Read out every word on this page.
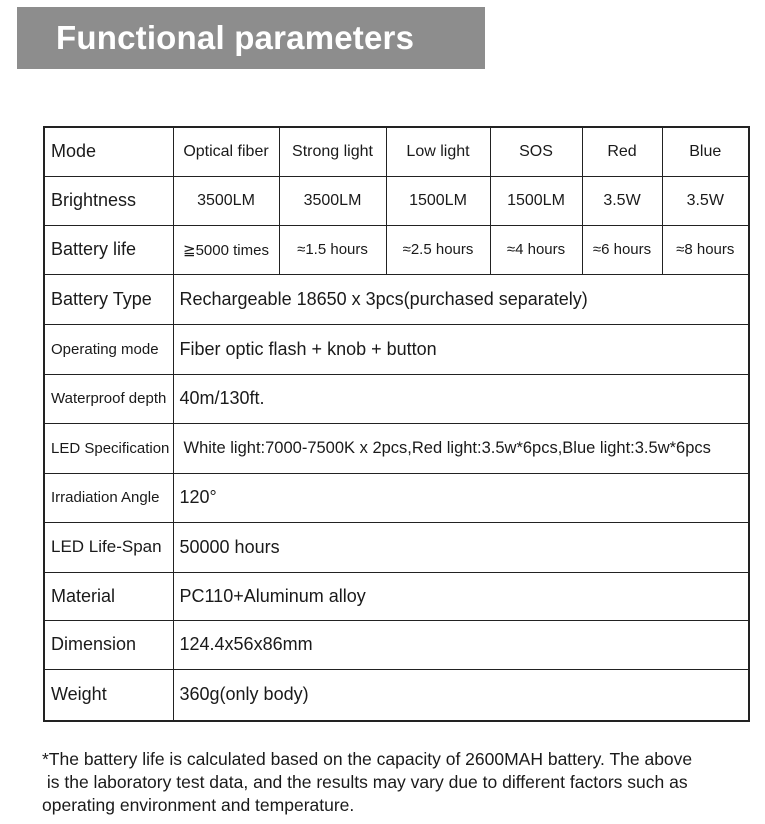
Functional parameters
Mode	Optical fiber	Strong light	Low light	SOS	Red	Blue
Brightness	3500LM	3500LM	1500LM	1500LM	3.5W	3.5W
Battery life	≧5000 times	≈1.5 hours	≈2.5 hours	≈4 hours	≈6 hours	≈8 hours
Battery Type	Rechargeable 18650 x 3pcs(purchased separately)					
Operating mode	Fiber optic flash + knob + button					
Waterproof depth	40m/130ft.					
LED Specification	White light:7000-7500K x 2pcs,Red light:3.5w*6pcs,Blue light:3.5w*6pcs					
Irradiation Angle	120°					
LED Life-Span	50000 hours					
Material	PC110+Aluminum alloy					
Dimension	124.4x56x86mm					
Weight	360g(only body)					
*The battery life is calculated based on the capacity of 2600MAH battery. The above
is the laboratory test data, and the results may vary due to different factors such as
operating environment and temperature.
